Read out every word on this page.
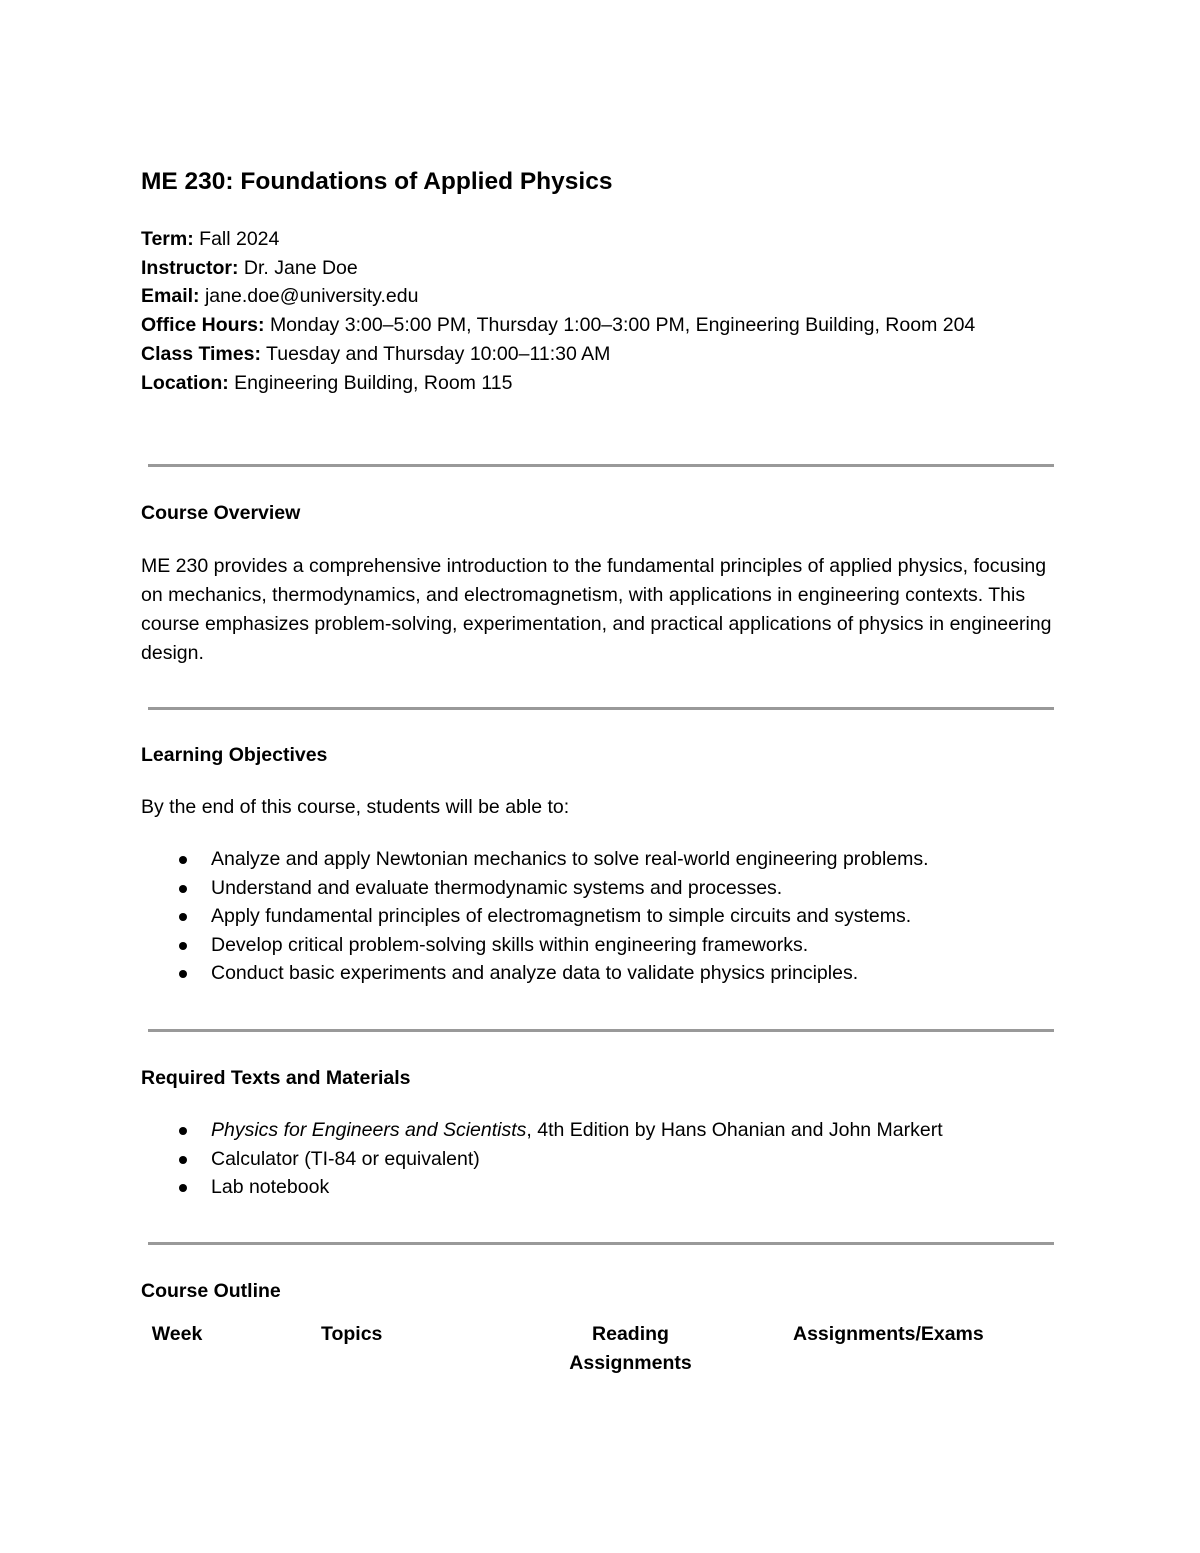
ME 230: Foundations of Applied Physics

Term: Fall 2024

Instructor: Dr. Jane Doe

Email: jane.doe@university.edu

Office Hours: Monday 3:00–5:00 PM, Thursday 1:00–3:00 PM, Engineering Building, Room 204

Class Times: Tuesday and Thursday 10:00–11:30 AM

Location: Engineering Building, Room 115

Course Overview

ME 230 provides a comprehensive introduction to the fundamental principles of applied physics, focusing on mechanics, thermodynamics, and electromagnetism, with applications in engineering contexts. This course emphasizes problem-solving, experimentation, and practical applications of physics in engineering design.

Learning Objectives

By the end of this course, students will be able to:

Analyze and apply Newtonian mechanics to solve real-world engineering problems.
Understand and evaluate thermodynamic systems and processes.
Apply fundamental principles of electromagnetism to simple circuits and systems.
Develop critical problem-solving skills within engineering frameworks.
Conduct basic experiments and analyze data to validate physics principles.
Required Texts and Materials
Physics for Engineers and Scientists, 4th Edition by Hans Ohanian and John Markert
Calculator (TI-84 or equivalent)
Lab notebook
Course Outline
Week	Topics	Reading Assignments
Assignments/Exams
